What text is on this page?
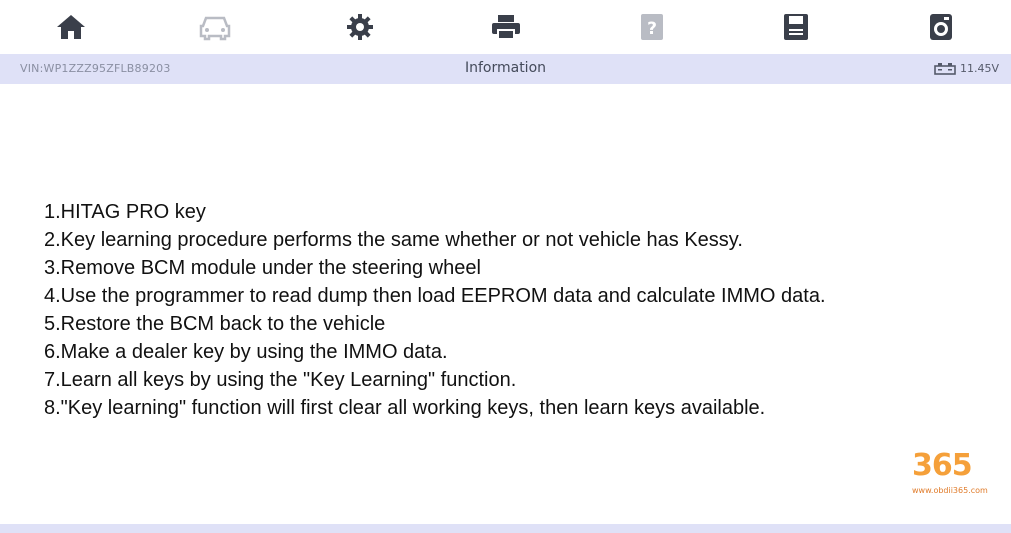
?
VIN:WP1ZZZ95ZFLB89203	Information	11.45V
1.HITAG PRO key
2.Key learning procedure performs the same whether or not vehicle has Kessy.
3.Remove BCM module under the steering wheel
4.Use the programmer to read dump then load EEPROM data and calculate IMMO data.
5.Restore the BCM back to the vehicle
6.Make a dealer key by using the IMMO data.
7.Learn all keys by using the "Key Learning" function.
8."Key learning" function will first clear all working keys, then learn keys available.
365
www.obdii365.com
